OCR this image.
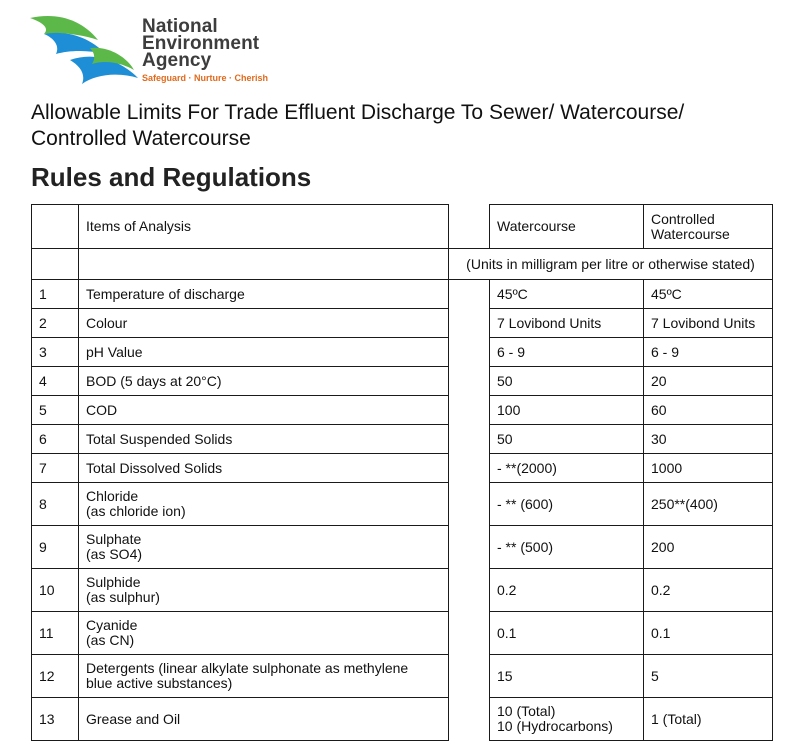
National
Environment
Agency
Safeguard · Nurture · Cherish
Allowable Limits For Trade Effluent Discharge To Sewer/ Watercourse/
Controlled Watercourse
Rules and Regulations
	Items of Analysis		Watercourse	Controlled
Watercourse

		(Units in milligram per litre or otherwise stated)		
1	Temperature of discharge		45ºC	45ºC

2	Colour		7 Lovibond Units	7 Lovibond Units

3	pH Value		6 - 9	6 - 9

4	BOD (5 days at 20°C)		50	20

5	COD		100	60

6	Total Suspended Solids		50	30

7	Total Dissolved Solids		- **(2000)	1000

8	Chloride
(as chloride ion)		- ** (600)	250**(400)

9	Sulphate
(as SO4)		- ** (500)	200

10	Sulphide
(as sulphur)		0.2	0.2

11	Cyanide
(as CN)		0.1	0.1

12	Detergents (linear alkylate sulphonate as methylene
blue active substances)		15	5

13	Grease and Oil		10 (Total)
10 (Hydrocarbons)	1 (Total)
